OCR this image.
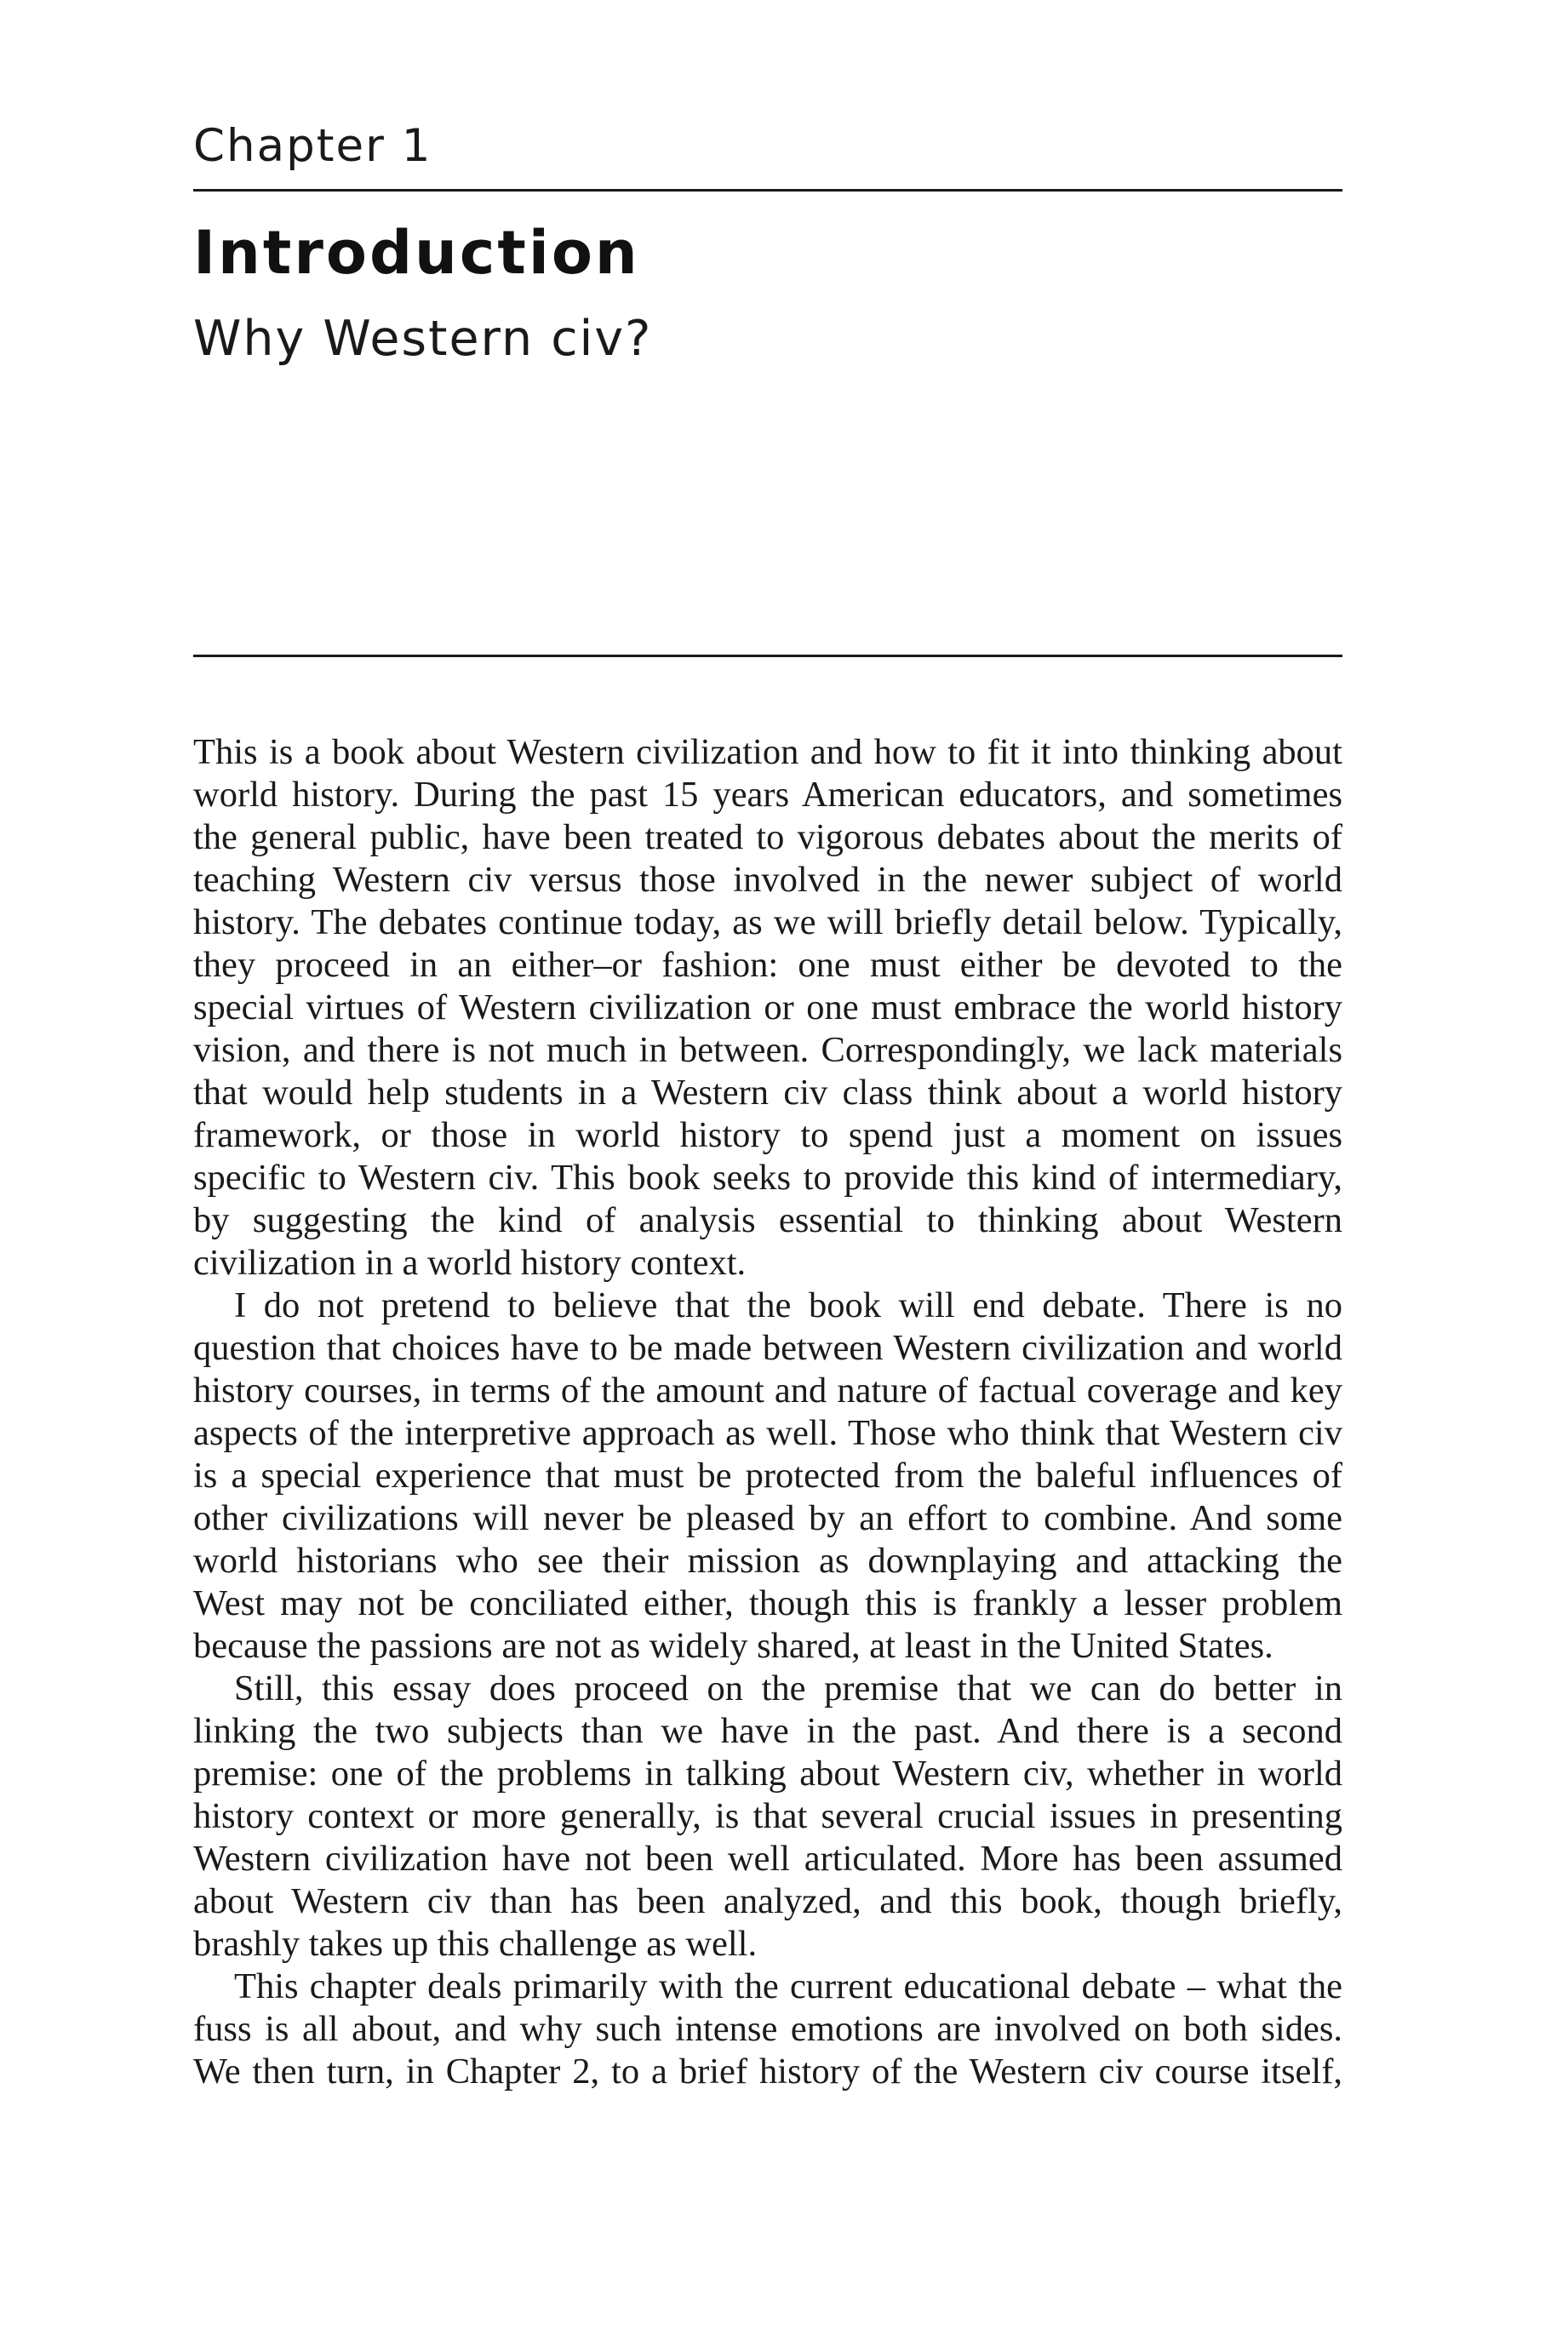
Chapter 1
Introduction
Why Western civ?
This is a book about Western civilization and how to fit it into thinking about
world history. During the past 15 years American educators, and sometimes
the general public, have been treated to vigorous debates about the merits of
teaching Western civ versus those involved in the newer subject of world
history. The debates continue today, as we will briefly detail below. Typically,
they proceed in an either–or fashion: one must either be devoted to the
special virtues of Western civilization or one must embrace the world history
vision, and there is not much in between. Correspondingly, we lack materials
that would help students in a Western civ class think about a world history
framework, or those in world history to spend just a moment on issues
specific to Western civ. This book seeks to provide this kind of intermediary,
by suggesting the kind of analysis essential to thinking about Western
civilization in a world history context.
I do not pretend to believe that the book will end debate. There is no
question that choices have to be made between Western civilization and world
history courses, in terms of the amount and nature of factual coverage and key
aspects of the interpretive approach as well. Those who think that Western civ
is a special experience that must be protected from the baleful influences of
other civilizations will never be pleased by an effort to combine. And some
world historians who see their mission as downplaying and attacking the
West may not be conciliated either, though this is frankly a lesser problem
because the passions are not as widely shared, at least in the United States.
Still, this essay does proceed on the premise that we can do better in
linking the two subjects than we have in the past. And there is a second
premise: one of the problems in talking about Western civ, whether in world
history context or more generally, is that several crucial issues in presenting
Western civilization have not been well articulated. More has been assumed
about Western civ than has been analyzed, and this book, though briefly,
brashly takes up this challenge as well.
This chapter deals primarily with the current educational debate – what the
fuss is all about, and why such intense emotions are involved on both sides.
We then turn, in Chapter 2, to a brief history of the Western civ course itself,
